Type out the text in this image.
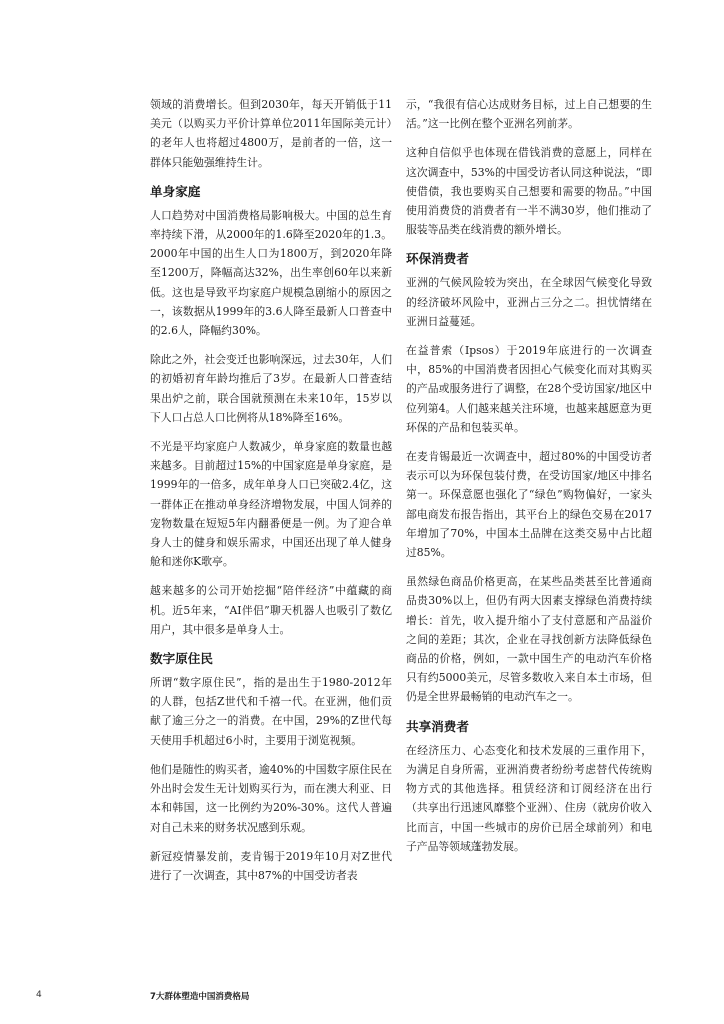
领域的消费增长。但到2030年，每天开销低于11美元（以购买力平价计算单位2011年国际美元计）的老年人也将超过4800万，是前者的一倍，这一群体只能勉强维持生计。

单身家庭

人口趋势对中国消费格局影响极大。中国的总生育率持续下滑，从2000年的1.6降至2020年的1.3。2000年中国的出生人口为1800万，到2020年降至1200万，降幅高达32%，出生率创60年以来新低。这也是导致平均家庭户规模急剧缩小的原因之一，该数据从1999年的3.6人降至最新人口普查中的2.6人，降幅约30%。

除此之外，社会变迁也影响深远，过去30年，人们的初婚初育年龄均推后了3岁。在最新人口普查结果出炉之前，联合国就预测在未来10年，15岁以下人口占总人口比例将从18%降至16%。

不光是平均家庭户人数减少，单身家庭的数量也越来越多。目前超过15%的中国家庭是单身家庭，是1999年的一倍多，成年单身人口已突破2.4亿，这一群体正在推动单身经济增物发展，中国人饲养的宠物数量在短短5年内翻番便是一例。为了迎合单身人士的健身和娱乐需求，中国还出现了单人健身舱和迷你K歌亭。

越来越多的公司开始挖掘“陪伴经济”中蕴藏的商机。近5年来，“AI伴侣”聊天机器人也吸引了数亿用户，其中很多是单身人士。

数字原住民

所谓“数字原住民”，指的是出生于1980-2012年的人群，包括Z世代和千禧一代。在亚洲，他们贡献了逾三分之一的消费。在中国，29%的Z世代每天使用手机超过6小时，主要用于浏览视频。

他们是随性的购买者，逾40%的中国数字原住民在外出时会发生无计划购买行为，而在澳大利亚、日本和韩国，这一比例约为20%-30%。这代人普遍对自己未来的财务状况感到乐观。

新冠疫情暴发前，麦肯锡于2019年10月对Z世代进行了一次调查，其中87%的中国受访者表

示，“我很有信心达成财务目标，过上自己想要的生活。”这一比例在整个亚洲名列前茅。

这种自信似乎也体现在借钱消费的意愿上，同样在这次调查中，53%的中国受访者认同这种说法，“即使借债，我也要购买自己想要和需要的物品。”中国使用消费贷的消费者有一半不满30岁，他们推动了服装等品类在线消费的额外增长。

环保消费者

亚洲的气候风险较为突出，在全球因气候变化导致的经济破坏风险中，亚洲占三分之二。担忧情绪在亚洲日益蔓延。

在益普索（Ipsos）于2019年底进行的一次调查中，85%的中国消费者因担心气候变化而对其购买的产品或服务进行了调整，在28个受访国家/地区中位列第4。人们越来越关注环境，也越来越愿意为更环保的产品和包装买单。

在麦肯锡最近一次调查中，超过80%的中国受访者表示可以为环保包装付费，在受访国家/地区中排名第一。环保意愿也强化了“绿色”购物偏好，一家头部电商发布报告指出，其平台上的绿色交易在2017年增加了70%，中国本土品牌在这类交易中占比超过85%。

虽然绿色商品价格更高，在某些品类甚至比普通商品贵30%以上，但仍有两大因素支撑绿色消费持续增长：首先，收入提升缩小了支付意愿和产品溢价之间的差距；其次，企业在寻找创新方法降低绿色商品的价格，例如，一款中国生产的电动汽车价格只有约5000美元，尽管多数收入来自本土市场，但仍是全世界最畅销的电动汽车之一。

共享消费者

在经济压力、心态变化和技术发展的三重作用下，为满足自身所需，亚洲消费者纷纷考虑替代传统购物方式的其他选择。租赁经济和订阅经济在出行（共享出行迅速风靡整个亚洲）、住房（就房价收入比而言，中国一些城市的房价已居全球前列）和电子产品等领域蓬勃发展。

4	7大群体塑造中国消费格局
